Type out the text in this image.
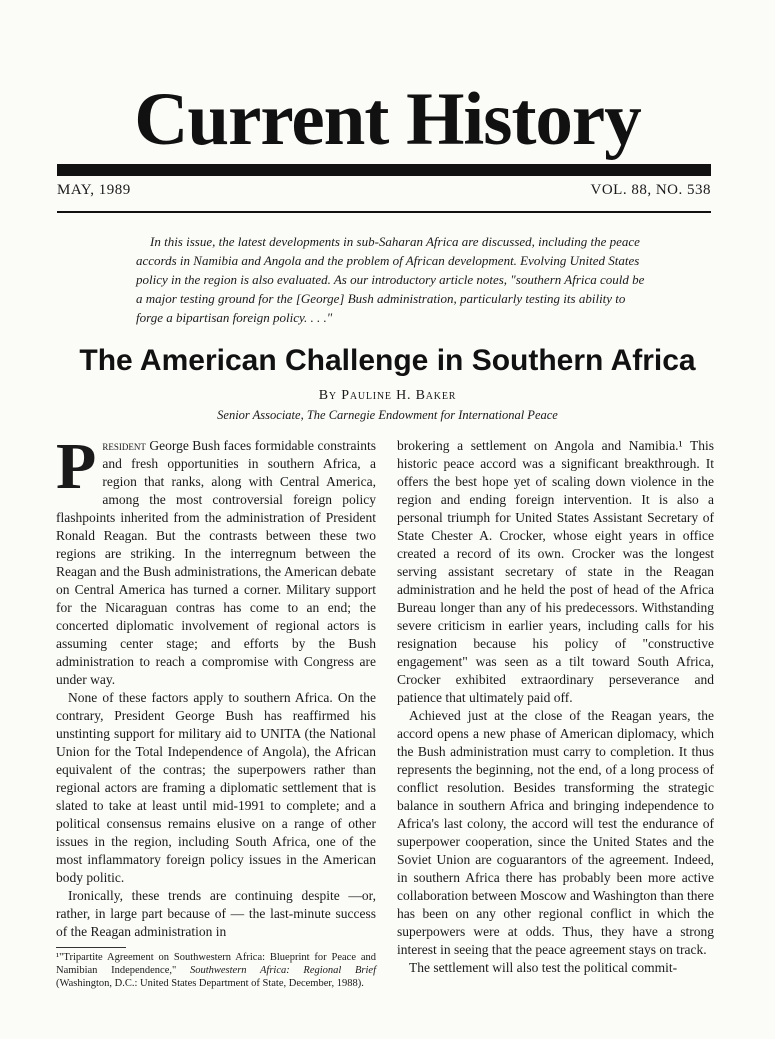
Current History
MAY, 1989	VOL. 88, NO. 538
In this issue, the latest developments in sub-Saharan Africa are discussed, including the peace accords in Namibia and Angola and the problem of African development. Evolving United States policy in the region is also evaluated. As our introductory article notes, "southern Africa could be a major testing ground for the [George] Bush administration, particularly testing its ability to forge a bipartisan foreign policy. . . ."
The American Challenge in Southern Africa
By Pauline H. Baker
Senior Associate, The Carnegie Endowment for International Peace

President George Bush faces formidable constraints and fresh opportunities in southern Africa, a region that ranks, along with Central America, among the most controversial foreign policy flashpoints inherited from the administration of President Ronald Reagan. But the contrasts between these two regions are striking. In the interregnum between the Reagan and the Bush administrations, the American debate on Central America has turned a corner. Military support for the Nicaraguan contras has come to an end; the concerted diplomatic involvement of regional actors is assuming center stage; and efforts by the Bush administration to reach a compromise with Congress are under way.

None of these factors apply to southern Africa. On the contrary, President George Bush has reaffirmed his unstinting support for military aid to UNITA (the National Union for the Total Independence of Angola), the African equivalent of the contras; the superpowers rather than regional actors are framing a diplomatic settlement that is slated to take at least until mid-1991 to complete; and a political consensus remains elusive on a range of other issues in the region, including South Africa, one of the most inflammatory foreign policy issues in the American body politic.

Ironically, these trends are continuing despite —or, rather, in large part because of — the last-minute success of the Reagan administration in

¹"Tripartite Agreement on Southwestern Africa: Blueprint for Peace and Namibian Independence," Southwestern Africa: Regional Brief (Washington, D.C.: United States Department of State, December, 1988).

brokering a settlement on Angola and Namibia.¹ This historic peace accord was a significant breakthrough. It offers the best hope yet of scaling down violence in the region and ending foreign intervention. It is also a personal triumph for United States Assistant Secretary of State Chester A. Crocker, whose eight years in office created a record of its own. Crocker was the longest serving assistant secretary of state in the Reagan administration and he held the post of head of the Africa Bureau longer than any of his predecessors. Withstanding severe criticism in earlier years, including calls for his resignation because his policy of "constructive engagement" was seen as a tilt toward South Africa, Crocker exhibited extraordinary perseverance and patience that ultimately paid off.

Achieved just at the close of the Reagan years, the accord opens a new phase of American diplomacy, which the Bush administration must carry to completion. It thus represents the beginning, not the end, of a long process of conflict resolution. Besides transforming the strategic balance in southern Africa and bringing independence to Africa's last colony, the accord will test the endurance of superpower cooperation, since the United States and the Soviet Union are coguarantors of the agreement. Indeed, in southern Africa there has probably been more active collaboration between Moscow and Washington than there has been on any other regional conflict in which the superpowers were at odds. Thus, they have a strong interest in seeing that the peace agreement stays on track.

The settlement will also test the political commit-
